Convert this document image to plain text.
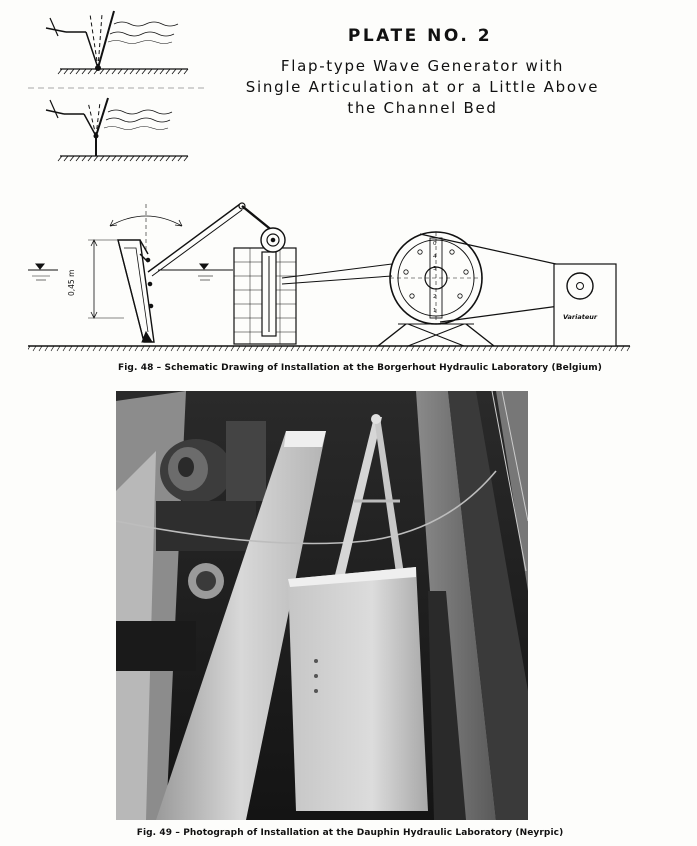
PLATE NO. 2
Flap-type Wave Generator with
Single Articulation at or a Little Above
the Channel Bed
0,45 m
Variateur
0
4
3
2
1
Fig. 48 – Schematic Drawing of Installation at the Borgerhout Hydraulic Laboratory (Belgium)
Fig. 49 – Photograph of Installation at the Dauphin Hydraulic Laboratory (Neyrpic)
